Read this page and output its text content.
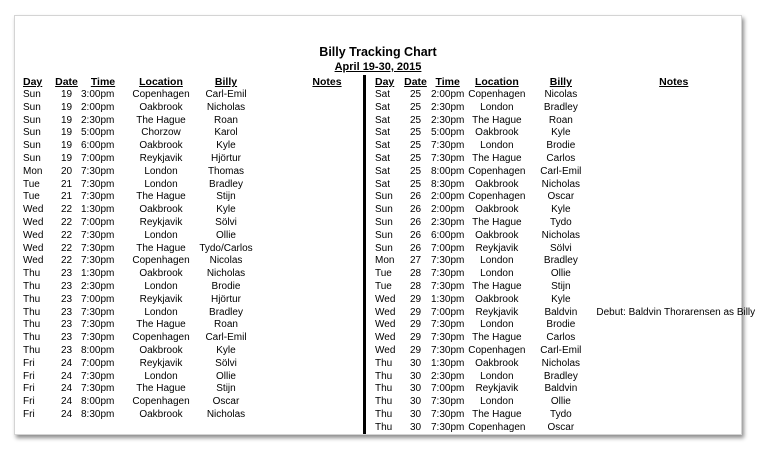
Billy Tracking Chart
April 19-30, 2015
Day	Date	Time	Location	Billy	Notes
Sun	19	3:00pm	Copenhagen	Carl-Emil	
Sun	19	2:00pm	Oakbrook	Nicholas	
Sun	19	2:30pm	The Hague	Roan	
Sun	19	5:00pm	Chorzow	Karol	
Sun	19	6:00pm	Oakbrook	Kyle	
Sun	19	7:00pm	Reykjavik	Hjörtur	
Mon	20	7:30pm	London	Thomas	
Tue	21	7:30pm	London	Bradley	
Tue	21	7:30pm	The Hague	Stijn	
Wed	22	1:30pm	Oakbrook	Kyle	
Wed	22	7:00pm	Reykjavik	Sölvi	
Wed	22	7:30pm	London	Ollie	
Wed	22	7:30pm	The Hague	Tydo/Carlos	
Wed	22	7:30pm	Copenhagen	Nicolas	
Thu	23	1:30pm	Oakbrook	Nicholas	
Thu	23	2:30pm	London	Brodie	
Thu	23	7:00pm	Reykjavik	Hjörtur	
Thu	23	7:30pm	London	Bradley	
Thu	23	7:30pm	The Hague	Roan	
Thu	23	7:30pm	Copenhagen	Carl-Emil	
Thu	23	8:00pm	Oakbrook	Kyle	
Fri	24	7:00pm	Reykjavik	Sölvi	
Fri	24	7:30pm	London	Ollie	
Fri	24	7:30pm	The Hague	Stijn	
Fri	24	8:00pm	Copenhagen	Oscar	
Fri	24	8:30pm	Oakbrook	Nicholas	
Day	Date	Time	Location	Billy	Notes
Sat	25	2:00pm	Copenhagen	Nicolas	
Sat	25	2:30pm	London	Bradley	
Sat	25	2:30pm	The Hague	Roan	
Sat	25	5:00pm	Oakbrook	Kyle	
Sat	25	7:30pm	London	Brodie	
Sat	25	7:30pm	The Hague	Carlos	
Sat	25	8:00pm	Copenhagen	Carl-Emil	
Sat	25	8:30pm	Oakbrook	Nicholas	
Sun	26	2:00pm	Copenhagen	Oscar	
Sun	26	2:00pm	Oakbrook	Kyle	
Sun	26	2:30pm	The Hague	Tydo	
Sun	26	6:00pm	Oakbrook	Nicholas	
Sun	26	7:00pm	Reykjavik	Sölvi	
Mon	27	7:30pm	London	Bradley	
Tue	28	7:30pm	London	Ollie	
Tue	28	7:30pm	The Hague	Stijn	
Wed	29	1:30pm	Oakbrook	Kyle	
Wed	29	7:00pm	Reykjavik	Baldvin	Debut: Baldvin Thorarensen as Billy
Wed	29	7:30pm	London	Brodie	
Wed	29	7:30pm	The Hague	Carlos	
Wed	29	7:30pm	Copenhagen	Carl-Emil	
Thu	30	1:30pm	Oakbrook	Nicholas	
Thu	30	2:30pm	London	Bradley	
Thu	30	7:00pm	Reykjavik	Baldvin	
Thu	30	7:30pm	London	Ollie	
Thu	30	7:30pm	The Hague	Tydo	
Thu	30	7:30pm	Copenhagen	Oscar	
